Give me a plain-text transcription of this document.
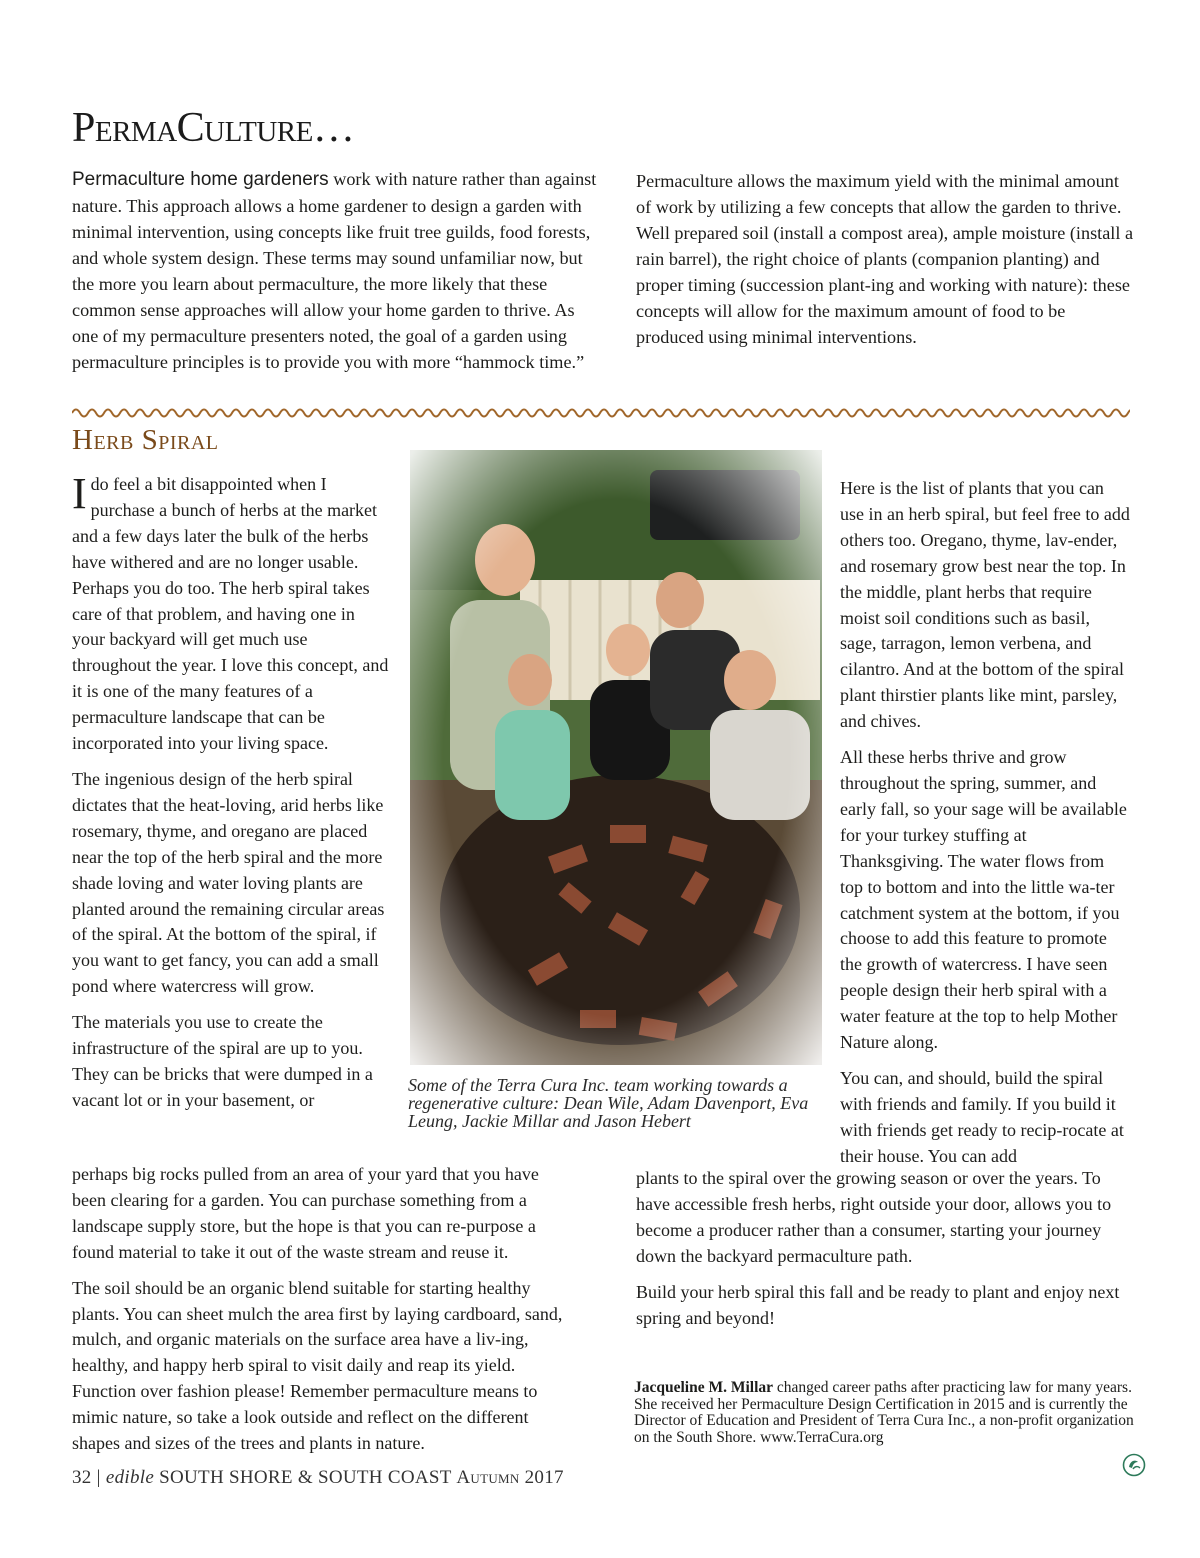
PermaCulture…
Permaculture home gardeners work with nature rather than against nature. This approach allows a home gardener to design a garden with minimal intervention, using concepts like fruit tree guilds, food forests, and whole system design. These terms may sound unfamiliar now, but the more you learn about permaculture, the more likely that these common sense approaches will allow your home garden to thrive. As one of my permaculture presenters noted, the goal of a garden using permaculture principles is to provide you with more “hammock time.”
Permaculture allows the maximum yield with the minimal amount of work by utilizing a few concepts that allow the garden to thrive. Well prepared soil (install a compost area), ample moisture (install a rain barrel), the right choice of plants (companion planting) and proper timing (succession plant-ing and working with nature): these concepts will allow for the maximum amount of food to be produced using minimal interventions.
Herb Spiral

Ido feel a bit disappointed when I purchase a bunch of herbs at the market and a few days later the bulk of the herbs have withered and are no longer usable. Perhaps you do too. The herb spiral takes care of that problem, and having one in your backyard will get much use throughout the year. I love this concept, and it is one of the many features of a permaculture landscape that can be incorporated into your living space.

The ingenious design of the herb spiral dictates that the heat-loving, arid herbs like rosemary, thyme, and oregano are placed near the top of the herb spiral and the more shade loving and water loving plants are planted around the remaining circular areas of the spiral. At the bottom of the spiral, if you want to get fancy, you can add a small pond where watercress will grow.

The materials you use to create the infrastructure of the spiral are up to you. They can be bricks that were dumped in a vacant lot or in your basement, or

perhaps big rocks pulled from an area of your yard that you have been clearing for a garden. You can purchase something from a landscape supply store, but the hope is that you can re-purpose a found material to take it out of the waste stream and reuse it.

The soil should be an organic blend suitable for starting healthy plants. You can sheet mulch the area first by laying cardboard, sand, mulch, and organic materials on the surface area have a liv-ing, healthy, and happy herb spiral to visit daily and reap its yield. Function over fashion please! Remember permaculture means to mimic nature, so take a look outside and reflect on the different shapes and sizes of the trees and plants in nature.

Some of the Terra Cura Inc. team working towards a regenerative culture: Dean Wile, Adam Davenport, Eva Leung, Jackie Millar and Jason Hebert

Here is the list of plants that you can use in an herb spiral, but feel free to add others too. Oregano, thyme, lav-ender, and rosemary grow best near the top. In the middle, plant herbs that require moist soil conditions such as basil, sage, tarragon, lemon verbena, and cilantro. And at the bottom of the spiral plant thirstier plants like mint, parsley, and chives.

All these herbs thrive and grow throughout the spring, summer, and early fall, so your sage will be available for your turkey stuffing at Thanksgiving. The water flows from top to bottom and into the little wa-ter catchment system at the bottom, if you choose to add this feature to promote the growth of watercress. I have seen people design their herb spiral with a water feature at the top to help Mother Nature along.

You can, and should, build the spiral with friends and family. If you build it with friends get ready to recip-rocate at their house. You can add

plants to the spiral over the growing season or over the years. To have accessible fresh herbs, right outside your door, allows you to become a producer rather than a consumer, starting your journey down the backyard permaculture path.

Build your herb spiral this fall and be ready to plant and enjoy next spring and beyond!

Jacqueline M. Millar changed career paths after practicing law for many years. She received her Permaculture Design Certification in 2015 and is currently the Director of Education and President of Terra Cura Inc., a non-profit organization on the South Shore. www.TerraCura.org
32 | edible SOUTH SHORE & SOUTH COAST Autumn 2017
